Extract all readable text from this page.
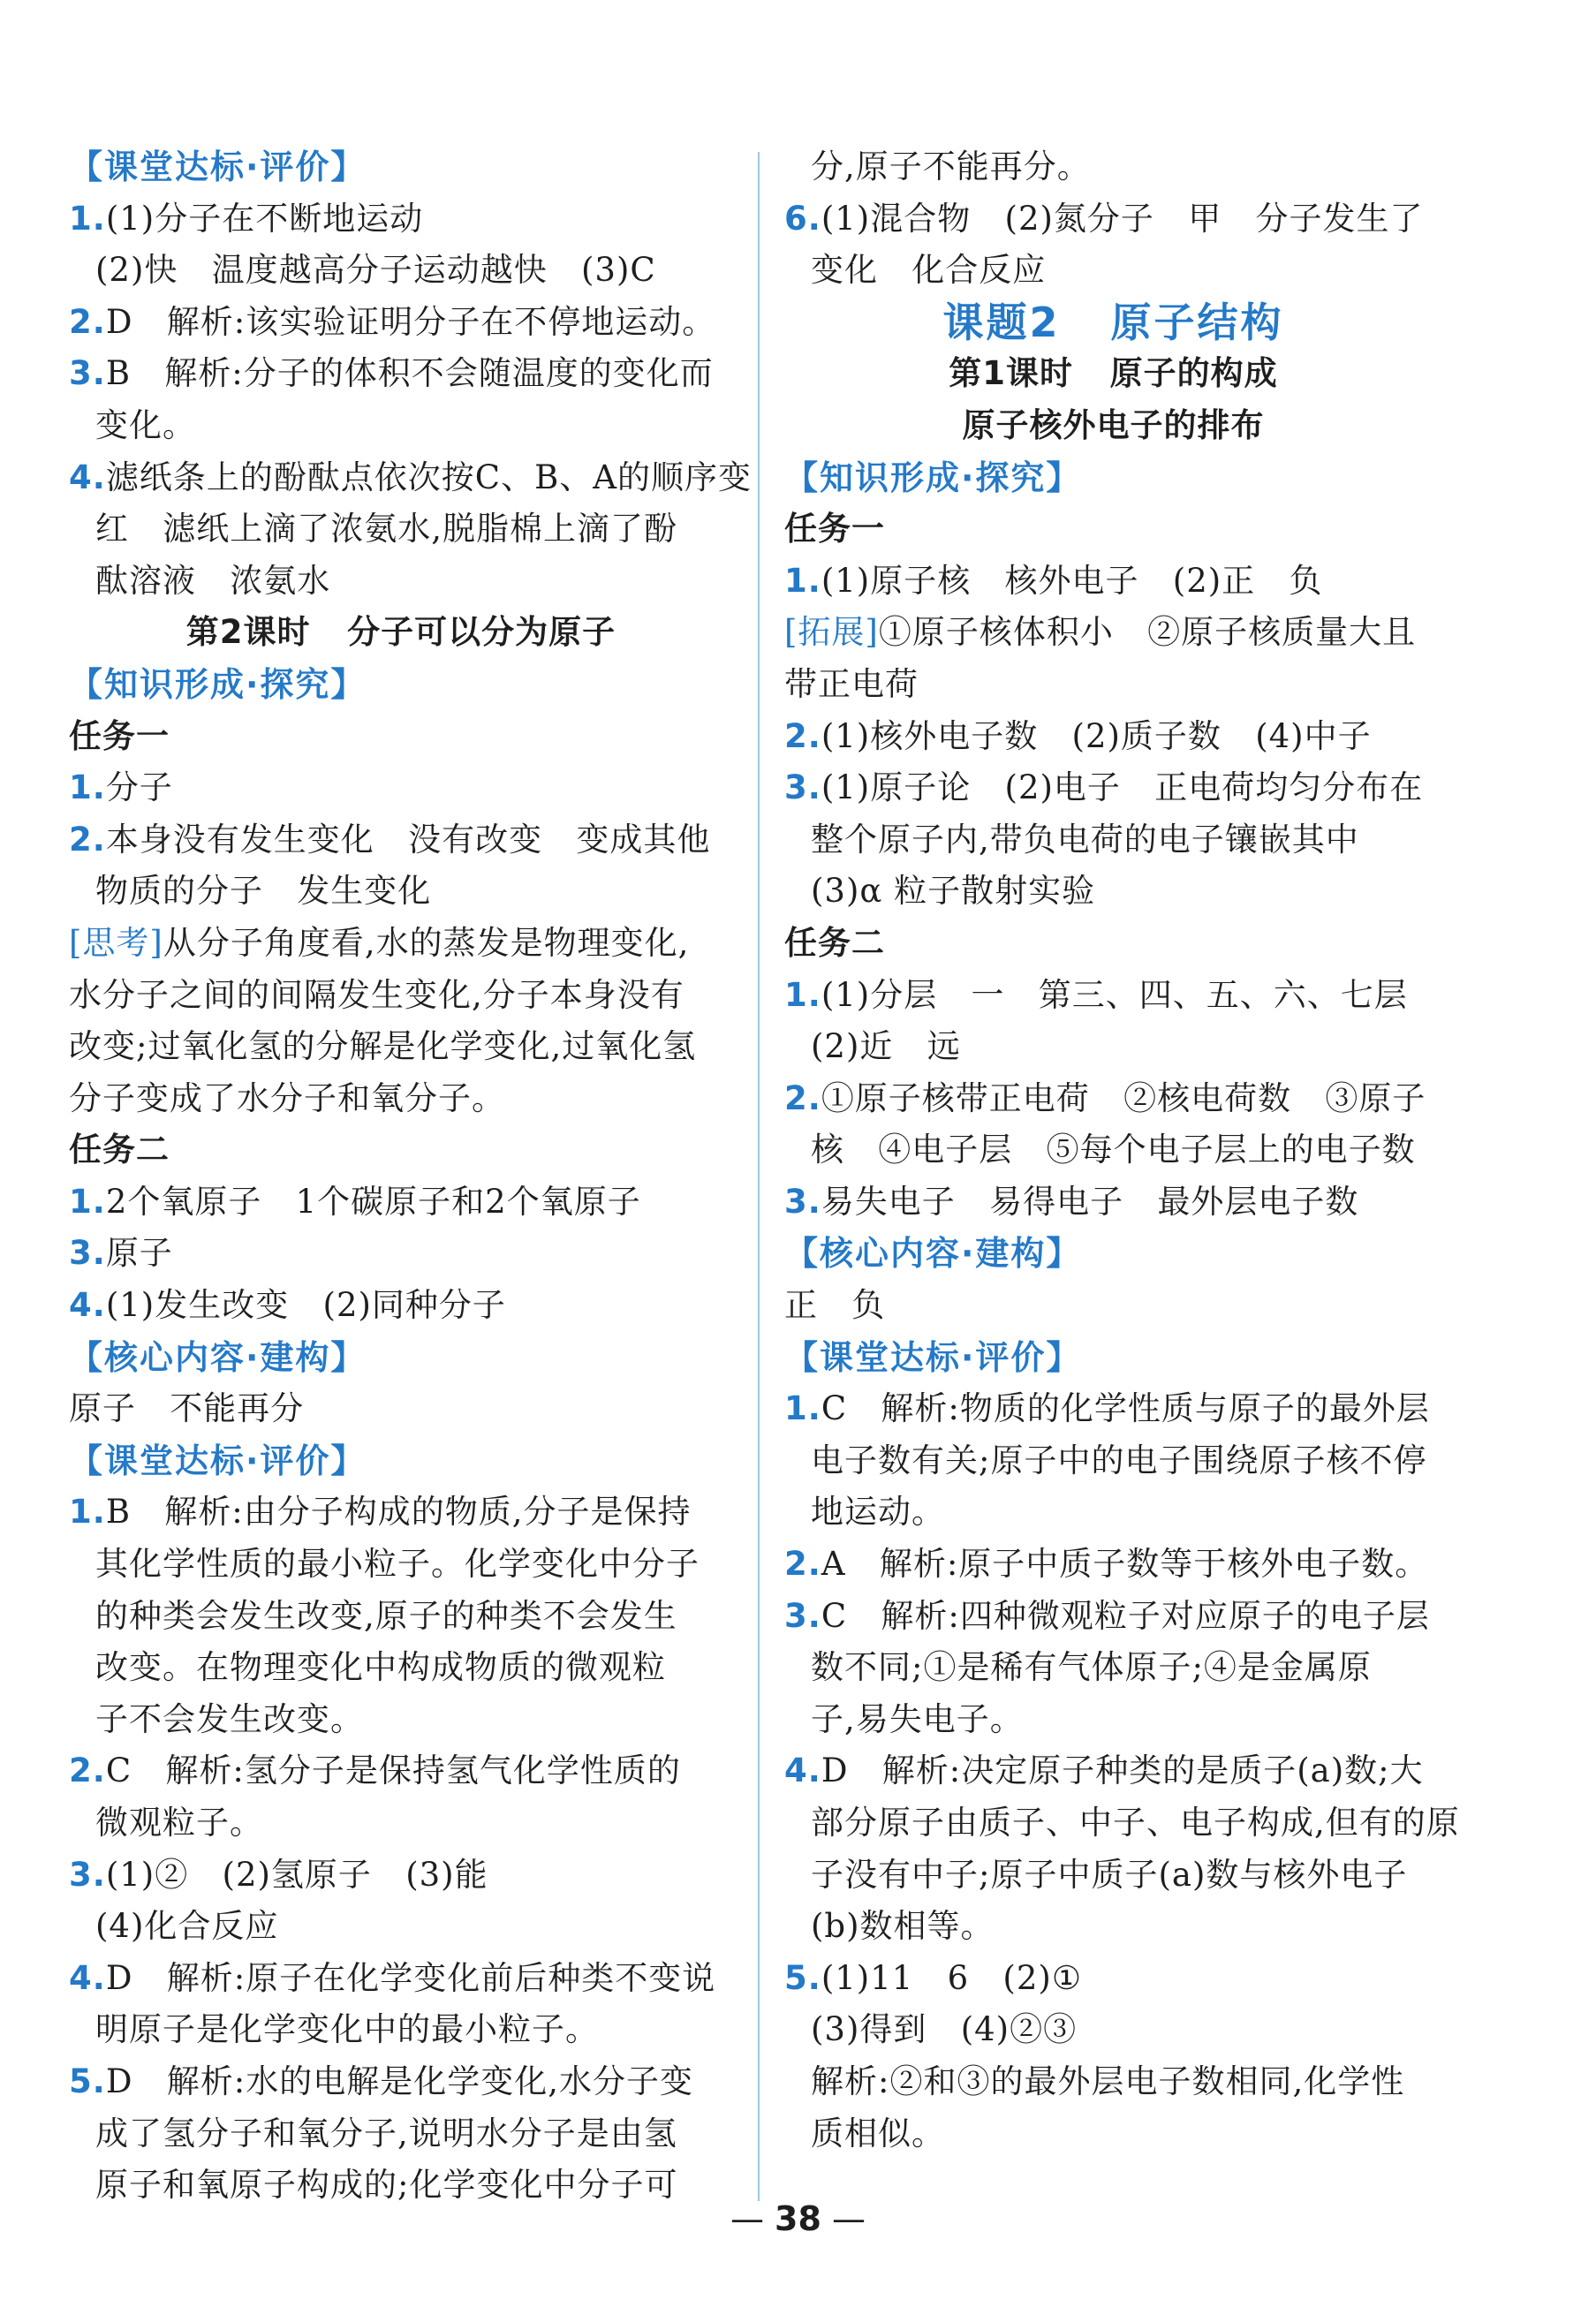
【课堂达标·评价】
1.(1)分子在不断地运动
(2)快   温度越高分子运动越快   (3)C
2.D   解析:该实验证明分子在不停地运动。
3.B   解析:分子的体积不会随温度的变化而
变化。
4.滤纸条上的酚酞点依次按C、B、A的顺序变
红   滤纸上滴了浓氨水,脱脂棉上滴了酚
酞溶液   浓氨水
第2课时   分子可以分为原子
【知识形成·探究】
任务一
1.分子
2.本身没有发生变化   没有改变   变成其他
物质的分子   发生变化
[思考]从分子角度看,水的蒸发是物理变化,
水分子之间的间隔发生变化,分子本身没有
改变;过氧化氢的分解是化学变化,过氧化氢
分子变成了水分子和氧分子。
任务二
1.2个氧原子   1个碳原子和2个氧原子
3.原子
4.(1)发生改变   (2)同种分子
【核心内容·建构】
原子   不能再分
【课堂达标·评价】
1.B   解析:由分子构成的物质,分子是保持
其化学性质的最小粒子。化学变化中分子
的种类会发生改变,原子的种类不会发生
改变。在物理变化中构成物质的微观粒
子不会发生改变。
2.C   解析:氢分子是保持氢气化学性质的
微观粒子。
3.(1)②   (2)氢原子   (3)能
(4)化合反应
4.D   解析:原子在化学变化前后种类不变说
明原子是化学变化中的最小粒子。
5.D   解析:水的电解是化学变化,水分子变
成了氢分子和氧分子,说明水分子是由氢
原子和氧原子构成的;化学变化中分子可
分,原子不能再分。
6.(1)混合物   (2)氮分子   甲   分子发生了
变化   化合反应
课题2   原子结构
第1课时   原子的构成
原子核外电子的排布
【知识形成·探究】
任务一
1.(1)原子核   核外电子   (2)正   负
[拓展]①原子核体积小   ②原子核质量大且
带正电荷
2.(1)核外电子数   (2)质子数   (4)中子
3.(1)原子论   (2)电子   正电荷均匀分布在
整个原子内,带负电荷的电子镶嵌其中
(3)α 粒子散射实验
任务二
1.(1)分层   一   第三、四、五、六、七层
(2)近   远
2.①原子核带正电荷   ②核电荷数   ③原子
核   ④电子层   ⑤每个电子层上的电子数
3.易失电子   易得电子   最外层电子数
【核心内容·建构】
正   负
【课堂达标·评价】
1.C   解析:物质的化学性质与原子的最外层
电子数有关;原子中的电子围绕原子核不停
地运动。
2.A   解析:原子中质子数等于核外电子数。
3.C   解析:四种微观粒子对应原子的电子层
数不同;①是稀有气体原子;④是金属原
子,易失电子。
4.D   解析:决定原子种类的是质子(a)数;大
部分原子由质子、中子、电子构成,但有的原
子没有中子;原子中质子(a)数与核外电子
(b)数相等。
5.(1)11   6   (2)①
(3)得到   (4)②③
解析:②和③的最外层电子数相同,化学性
质相似。
— 38 —
